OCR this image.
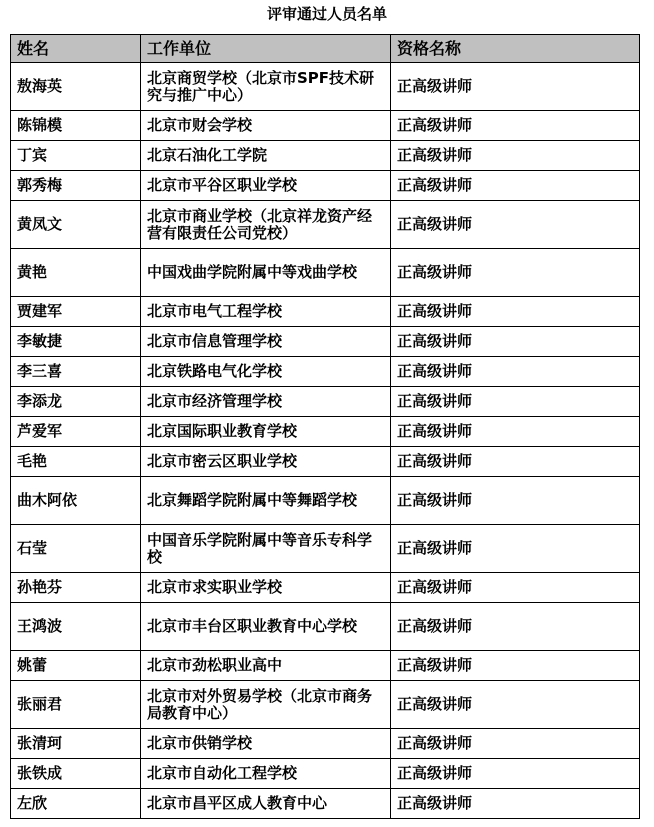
评审通过人员名单
姓名	工作单位	资格名称
敖海英	北京商贸学校（北京市SPF技术研究与推广中心）	正高级讲师
陈锦模	北京市财会学校	正高级讲师
丁宾	北京石油化工学院	正高级讲师
郭秀梅	北京市平谷区职业学校	正高级讲师
黄凤文	北京市商业学校（北京祥龙资产经营有限责任公司党校）	正高级讲师
黄艳	中国戏曲学院附属中等戏曲学校	正高级讲师
贾建军	北京市电气工程学校	正高级讲师
李敏捷	北京市信息管理学校	正高级讲师
李三喜	北京铁路电气化学校	正高级讲师
李添龙	北京市经济管理学校	正高级讲师
芦爱军	北京国际职业教育学校	正高级讲师
毛艳	北京市密云区职业学校	正高级讲师
曲木阿依	北京舞蹈学院附属中等舞蹈学校	正高级讲师
石莹	中国音乐学院附属中等音乐专科学校	正高级讲师
孙艳芬	北京市求实职业学校	正高级讲师
王鸿波	北京市丰台区职业教育中心学校	正高级讲师
姚蕾	北京市劲松职业高中	正高级讲师
张丽君	北京市对外贸易学校（北京市商务局教育中心）	正高级讲师
张清珂	北京市供销学校	正高级讲师
张铁成	北京市自动化工程学校	正高级讲师
左欣	北京市昌平区成人教育中心	正高级讲师
